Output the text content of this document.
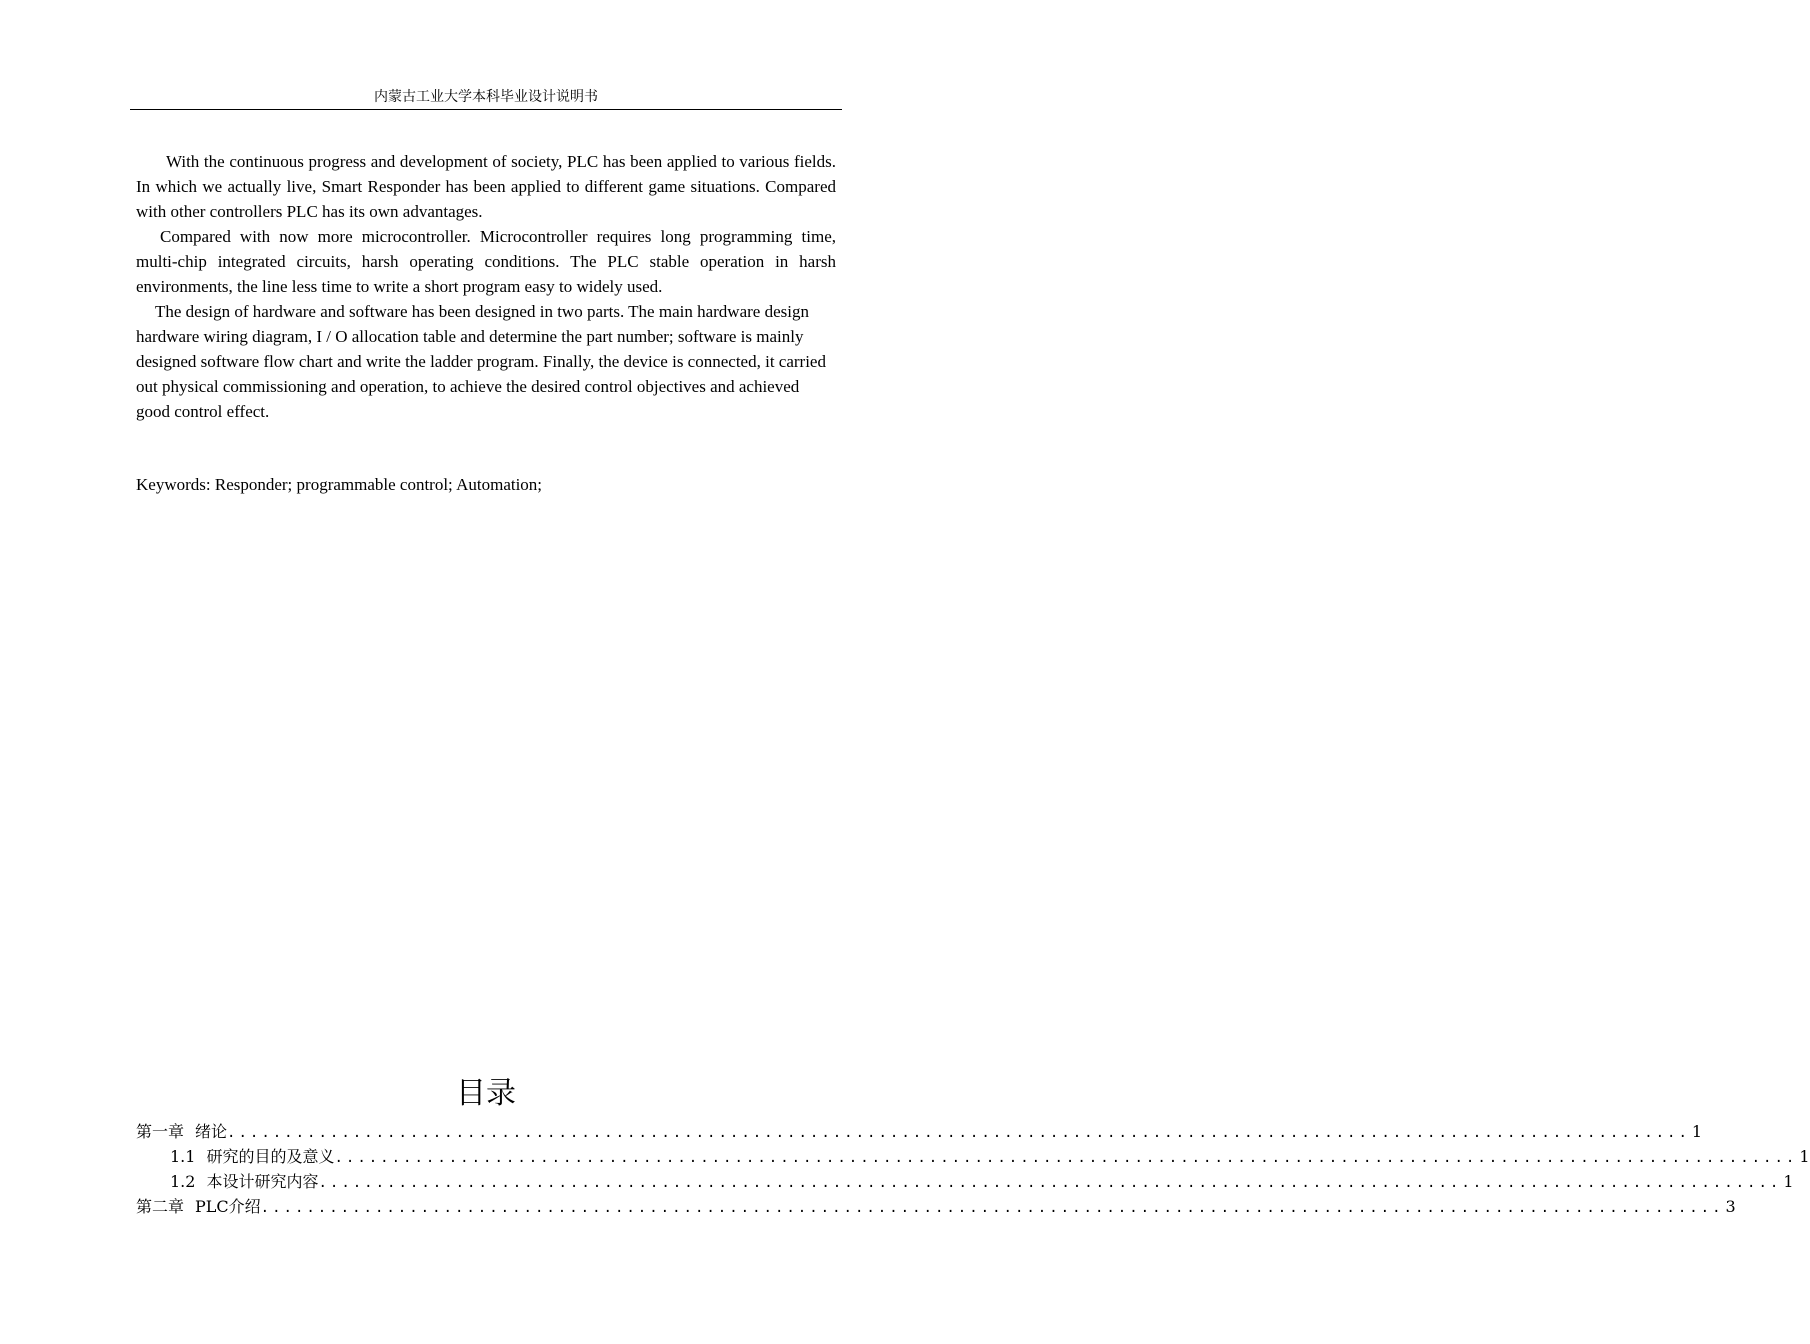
内蒙古工业大学本科毕业设计说明书

With the continuous progress and development of society, PLC has been applied to various fields. In which we actually live, Smart Responder has been applied to different game situations. Compared with other controllers PLC has its own advantages.

Compared with now more microcontroller. Microcontroller requires long programming time, multi-chip integrated circuits, harsh operating conditions. The PLC stable operation in harsh environments, the line less time to write a short program easy to widely used.

The design of hardware and software has been designed in two parts. The main hardware design hardware wiring diagram, I / O allocation table and determine the part number; software is mainly designed software flow chart and write the ladder program. Finally, the device is connected, it carried out physical commissioning and operation, to achieve the desired control objectives and achieved good control effect.

Keywords: Responder; programmable control; Automation;

目录
第一章 绪论 ................................................................................................................................ 1
1.1 研究的目的及意义 ................................................................................................................................ 1
1.2 本设计研究内容 ................................................................................................................................ 1
第二章 PLC介绍 ................................................................................................................................ 3
